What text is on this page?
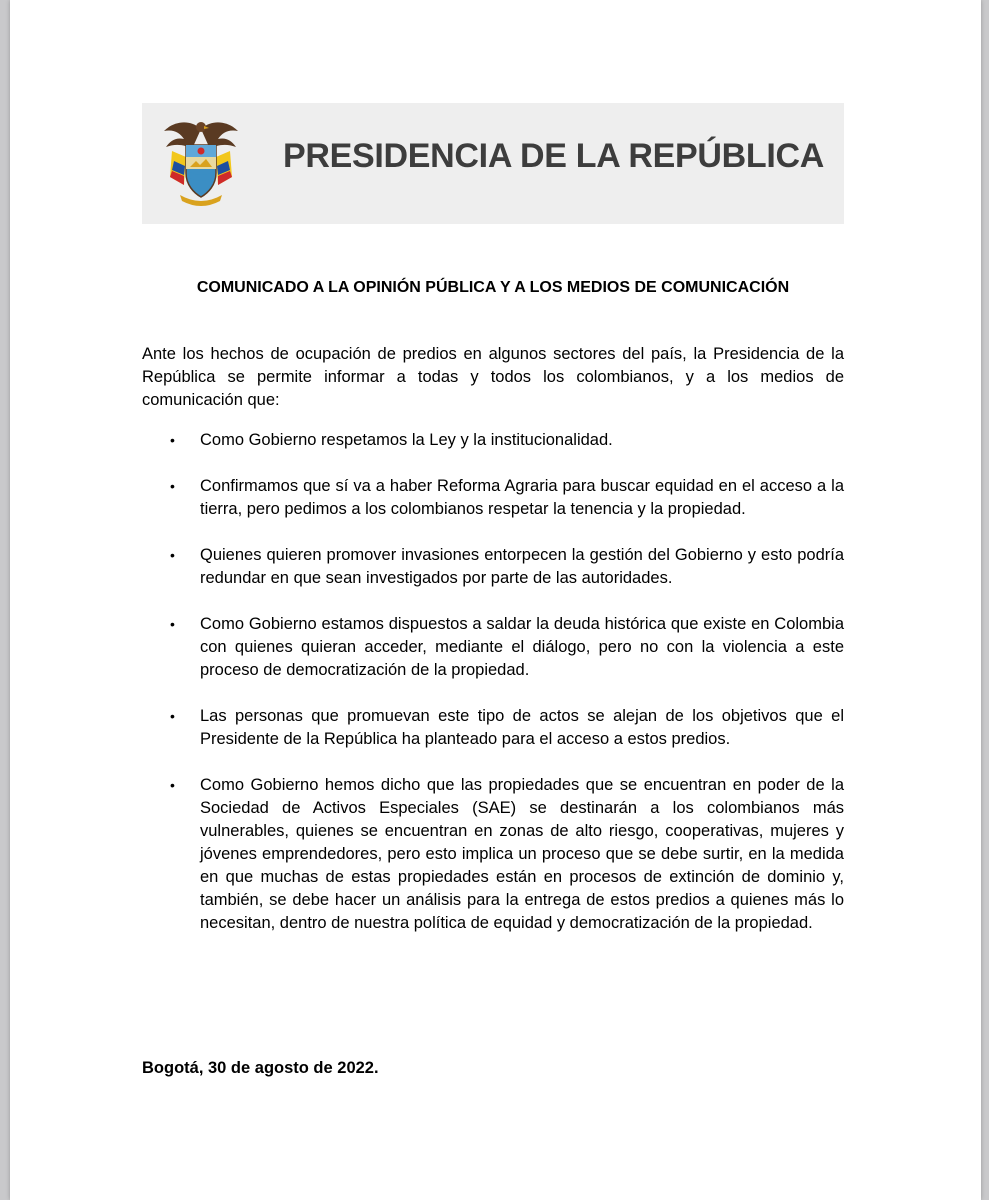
PRESIDENCIA DE LA REPÚBLICA
COMUNICADO A LA OPINIÓN PÚBLICA Y A LOS MEDIOS DE COMUNICACIÓN

Ante los hechos de ocupación de predios en algunos sectores del país, la Presidencia de la República se permite informar a todas y todos los colombianos, y a los medios de comunicación que:

• Como Gobierno respetamos la Ley y la institucionalidad.
• Confirmamos que sí va a haber Reforma Agraria para buscar equidad en el acceso a la tierra, pero pedimos a los colombianos respetar la tenencia y la propiedad.
• Quienes quieren promover invasiones entorpecen la gestión del Gobierno y esto podría redundar en que sean investigados por parte de las autoridades.
• Como Gobierno estamos dispuestos a saldar la deuda histórica que existe en Colombia con quienes quieran acceder, mediante el diálogo, pero no con la violencia a este proceso de democratización de la propiedad.
• Las personas que promuevan este tipo de actos se alejan de los objetivos que el Presidente de la República ha planteado para el acceso a estos predios.
• Como Gobierno hemos dicho que las propiedades que se encuentran en poder de la Sociedad de Activos Especiales (SAE) se destinarán a los colombianos más vulnerables, quienes se encuentran en zonas de alto riesgo, cooperativas, mujeres y jóvenes emprendedores, pero esto implica un proceso que se debe surtir, en la medida en que muchas de estas propiedades están en procesos de extinción de dominio y, también, se debe hacer un análisis para la entrega de estos predios a quienes más lo necesitan, dentro de nuestra política de equidad y democratización de la propiedad.
Bogotá, 30 de agosto de 2022.
